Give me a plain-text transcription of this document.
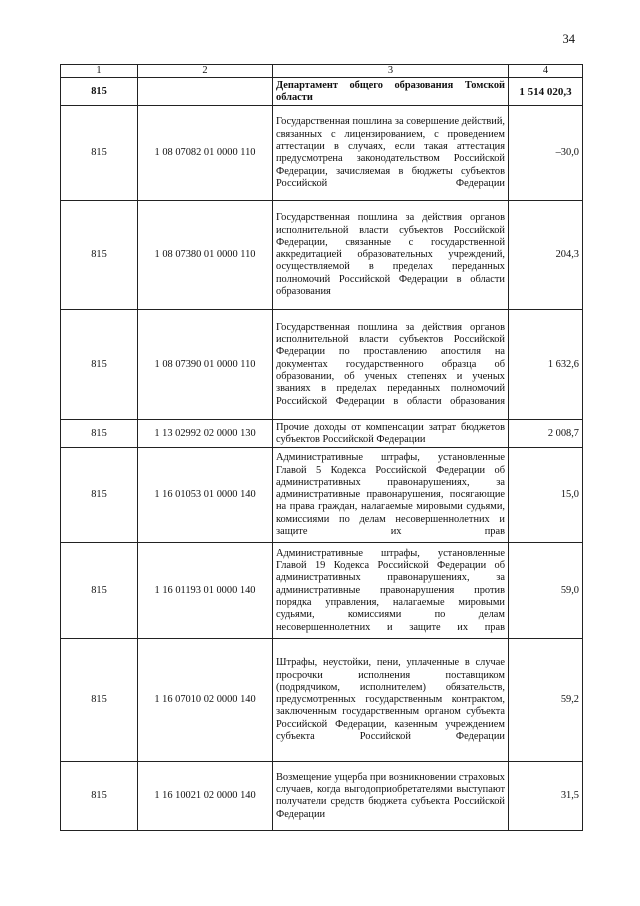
34
1	2	3	4
815		Департамент общего образования Томской области	1 514 020,3
815	1 08 07082 01 0000 110	Государственная пошлина за совершение действий, связанных с лицензированием, с проведением аттестации в случаях, если такая аттестация предусмотрена законодательством Российской Федерации, зачисляемая в бюджеты субъектов Российской Федерации	–30,0
815	1 08 07380 01 0000 110	Государственная пошлина за действия органов исполнительной власти субъектов Российской Федерации, связанные с государственной аккредитацией образовательных учреждений, осуществляемой в пределах переданных полномочий Российской Федерации в области образования	204,3
815	1 08 07390 01 0000 110	Государственная пошлина за действия органов исполнительной власти субъектов Российской Федерации по проставлению апостиля на документах государственного образца об образовании, об ученых степенях и ученых званиях в пределах переданных полномочий Российской Федерации в области образования	1 632,6
815	1 13 02992 02 0000 130	Прочие доходы от компенсации затрат бюджетов субъектов Российской Федерации	2 008,7
815	1 16 01053 01 0000 140	Административные штрафы, установленные Главой 5 Кодекса Российской Федерации об административных правонарушениях, за административные правонарушения, посягающие на права граждан, налагаемые мировыми судьями, комиссиями по делам несовершеннолетних и защите их прав	15,0
815	1 16 01193 01 0000 140	Административные штрафы, установленные Главой 19 Кодекса Российской Федерации об административных правонарушениях, за административные правонарушения против порядка управления, налагаемые мировыми судьями, комиссиями по делам несовершеннолетних и защите их прав	59,0
815	1 16 07010 02 0000 140	Штрафы, неустойки, пени, уплаченные в случае просрочки исполнения поставщиком (подрядчиком, исполнителем) обязательств, предусмотренных государственным контрактом, заключенным государственным органом субъекта Российской Федерации, казенным учреждением субъекта Российской Федерации	59,2
815	1 16 10021 02 0000 140	Возмещение ущерба при возникновении страховых случаев, когда выгодоприобретателями выступают получатели средств бюджета субъекта Российской Федерации	31,5
